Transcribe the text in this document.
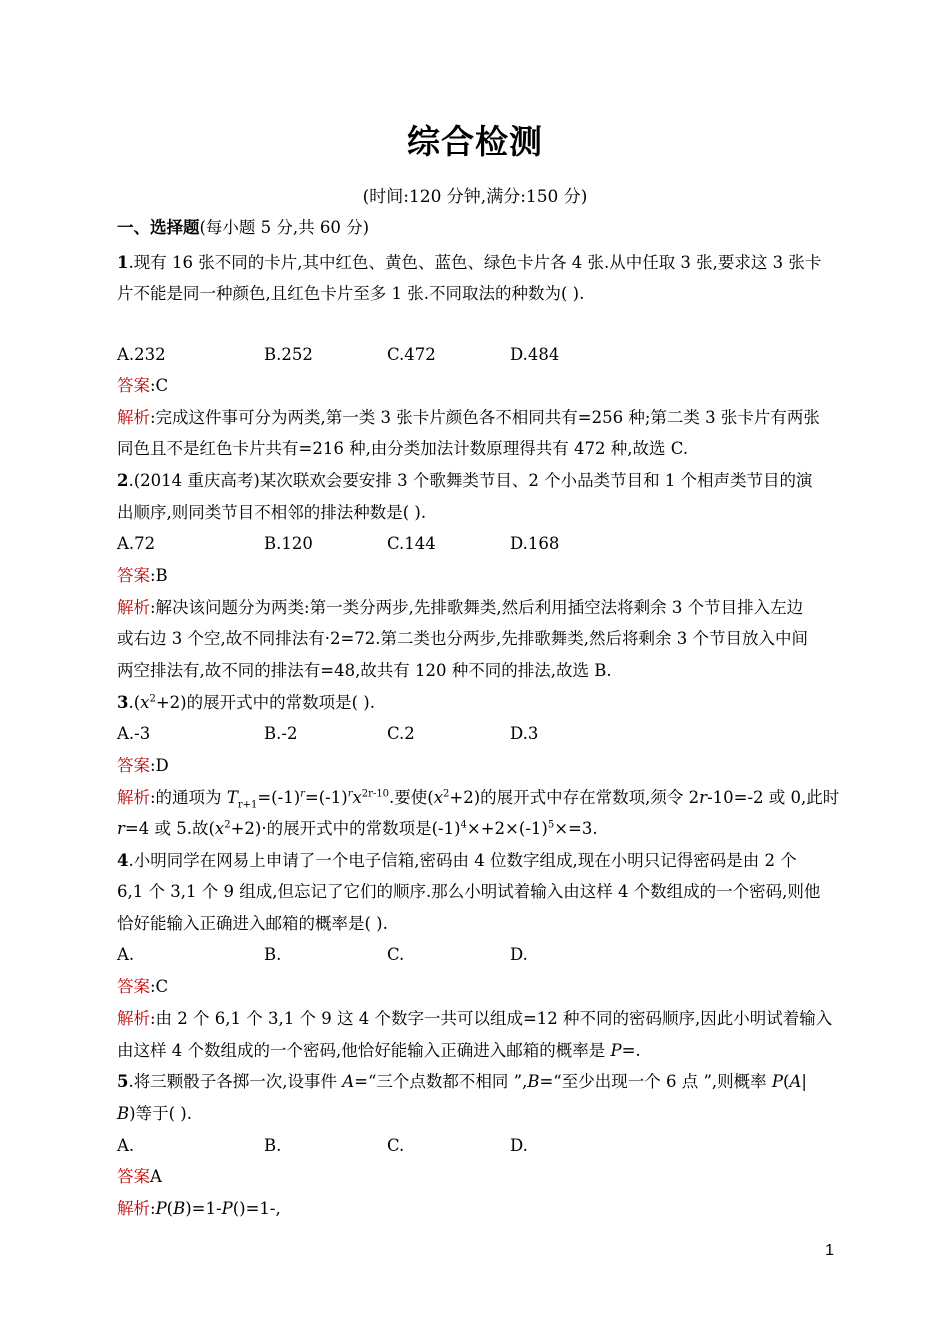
综合检测
(时间:120 分钟,满分:150 分)
一、选择题(每小题 5 分,共 60 分)
1.现有 16 张不同的卡片,其中红色、黄色、蓝色、绿色卡片各 4 张.从中任取 3 张,要求这 3 张卡
片不能是同一种颜色,且红色卡片至多 1 张.不同取法的种数为( ).
A.232	B.252	C.472	D.484
答案:C
解析:完成这件事可分为两类,第一类 3 张卡片颜色各不相同共有=256 种;第二类 3 张卡片有两张
同色且不是红色卡片共有=216 种,由分类加法计数原理得共有 472 种,故选 C.
2.(2014 重庆高考)某次联欢会要安排 3 个歌舞类节目、2 个小品类节目和 1 个相声类节目的演
出顺序,则同类节目不相邻的排法种数是( ).
A.72	B.120	C.144	D.168
答案:B
解析:解决该问题分为两类:第一类分两步,先排歌舞类,然后利用插空法将剩余 3 个节目排入左边
或右边 3 个空,故不同排法有·2=72.第二类也分两步,先排歌舞类,然后将剩余 3 个节目放入中间
两空排法有,故不同的排法有=48,故共有 120 种不同的排法,故选 B.
$3.(x^2+2)$的展开式中的常数项是( ).
A.-3	B.-2	C.2	D.3
答案:D
解析:的通项为 $T_{r+1}=(-1)^r=(-1)^rx^{2r-10}$.要使$(x^2+2)$的展开式中存在常数项,须令 2r-10=-2 或 0,此时
r=4 或 5.故$(x^2+2)\cdot$的展开式中的常数项是$(-1)^4\times+2\times(-1)^5\times=3$.
4.小明同学在网易上申请了一个电子信箱,密码由 4 位数字组成,现在小明只记得密码是由 2 个
6,1 个 3,1 个 9 组成,但忘记了它们的顺序.那么小明试着输入由这样 4 个数组成的一个密码,则他
恰好能输入正确进入邮箱的概率是( ).
A.	B.	C.	D.
答案:C
解析:由 2 个 6,1 个 3,1 个 9 这 4 个数字一共可以组成=12 种不同的密码顺序,因此小明试着输入
由这样 4 个数组成的一个密码,他恰好能输入正确进入邮箱的概率是 P=.
5.将三颗骰子各掷一次,设事件 A=“三个点数都不相同 ”,B=“至少出现一个 6 点 ”,则概率 P(A|
B)等于( ).
A.	B.	C.	D.
答案A
解析:P(B)=1-P()=1-,
1
